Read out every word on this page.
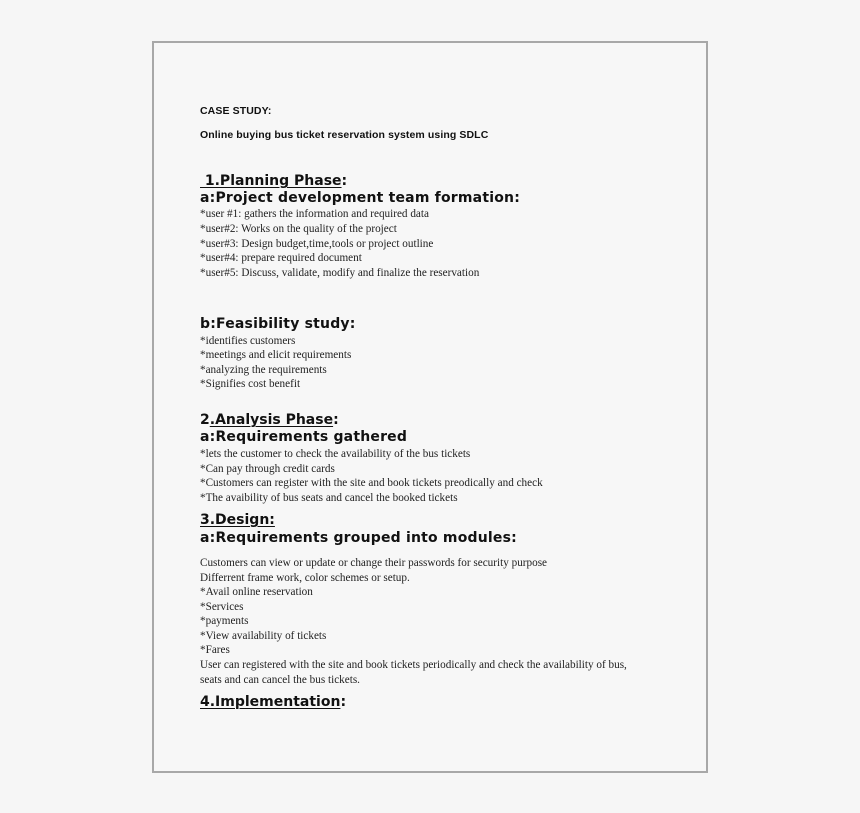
CASE STUDY:
Online buying bus ticket reservation system using SDLC
1.Planning Phase:
a:Project development team formation:
*user #1: gathers the information and required data
*user#2: Works on the quality of the project
*user#3: Design budget,time,tools or project outline
*user#4: prepare required document
*user#5: Discuss, validate, modify and finalize the reservation
b:Feasibility study:
*identifies customers
*meetings and elicit requirements
*analyzing the requirements
*Signifies cost benefit
2.Analysis Phase:
a:Requirements gathered
*lets the customer to check the availability of the bus tickets
*Can pay through credit cards
*Customers can register with the site and book tickets preodically and check
*The avaibility of bus seats and cancel the booked tickets
3.Design:
a:Requirements grouped into modules:
Customers can view or update or change their passwords for security purpose
Differrent frame work, color schemes or setup.
*Avail online reservation
*Services
*payments
*View availability of tickets
*Fares
User can registered with the site and book tickets periodically and check the availability of bus,
seats and can cancel the bus tickets.
4.Implementation:
